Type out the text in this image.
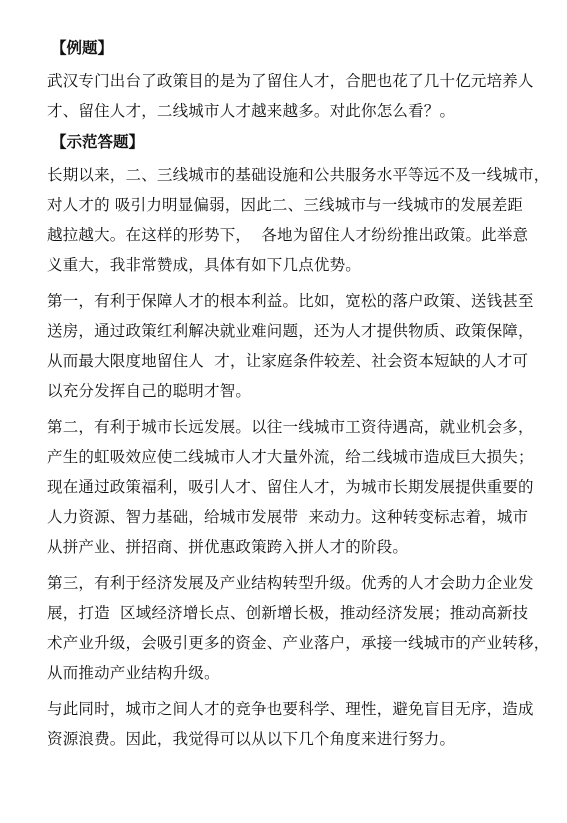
【例题】
武汉专门出台了政策目的是为了留住人才，合肥也花了几十亿元培养人
才、留住人才，二线城市人才越来越多。对此你怎么看？。
【示范答题】
长期以来，二、三线城市的基础设施和公共服务水平等远不及一线城市，
对人才的 吸引力明显偏弱，因此二、三线城市与一线城市的发展差距
越拉越大。在这样的形势下，  各地为留住人才纷纷推出政策。此举意
义重大，我非常赞成，具体有如下几点优势。
第一，有利于保障人才的根本利益。比如，宽松的落户政策、送钱甚至
送房，通过政策红利解决就业难问题，还为人才提供物质、政策保障，
从而最大限度地留住人  才，让家庭条件较差、社会资本短缺的人才可
以充分发挥自己的聪明才智。
第二，有利于城市长远发展。以往一线城市工资待遇高，就业机会多，
产生的虹吸效应使二线城市人才大量外流，给二线城市造成巨大损失；
现在通过政策福利，吸引人才、留住人才，为城市长期发展提供重要的
人力资源、智力基础，给城市发展带  来动力。这种转变标志着，城市
从拼产业、拼招商、拼优惠政策跨入拼人才的阶段。
第三，有利于经济发展及产业结构转型升级。优秀的人才会助力企业发
展，打造  区域经济增长点、创新增长极，推动经济发展；推动高新技
术产业升级，会吸引更多的资金、产业落户，承接一线城市的产业转移，
从而推动产业结构升级。
与此同时，城市之间人才的竞争也要科学、理性，避免盲目无序，造成
资源浪费。因此，我觉得可以从以下几个角度来进行努力。
